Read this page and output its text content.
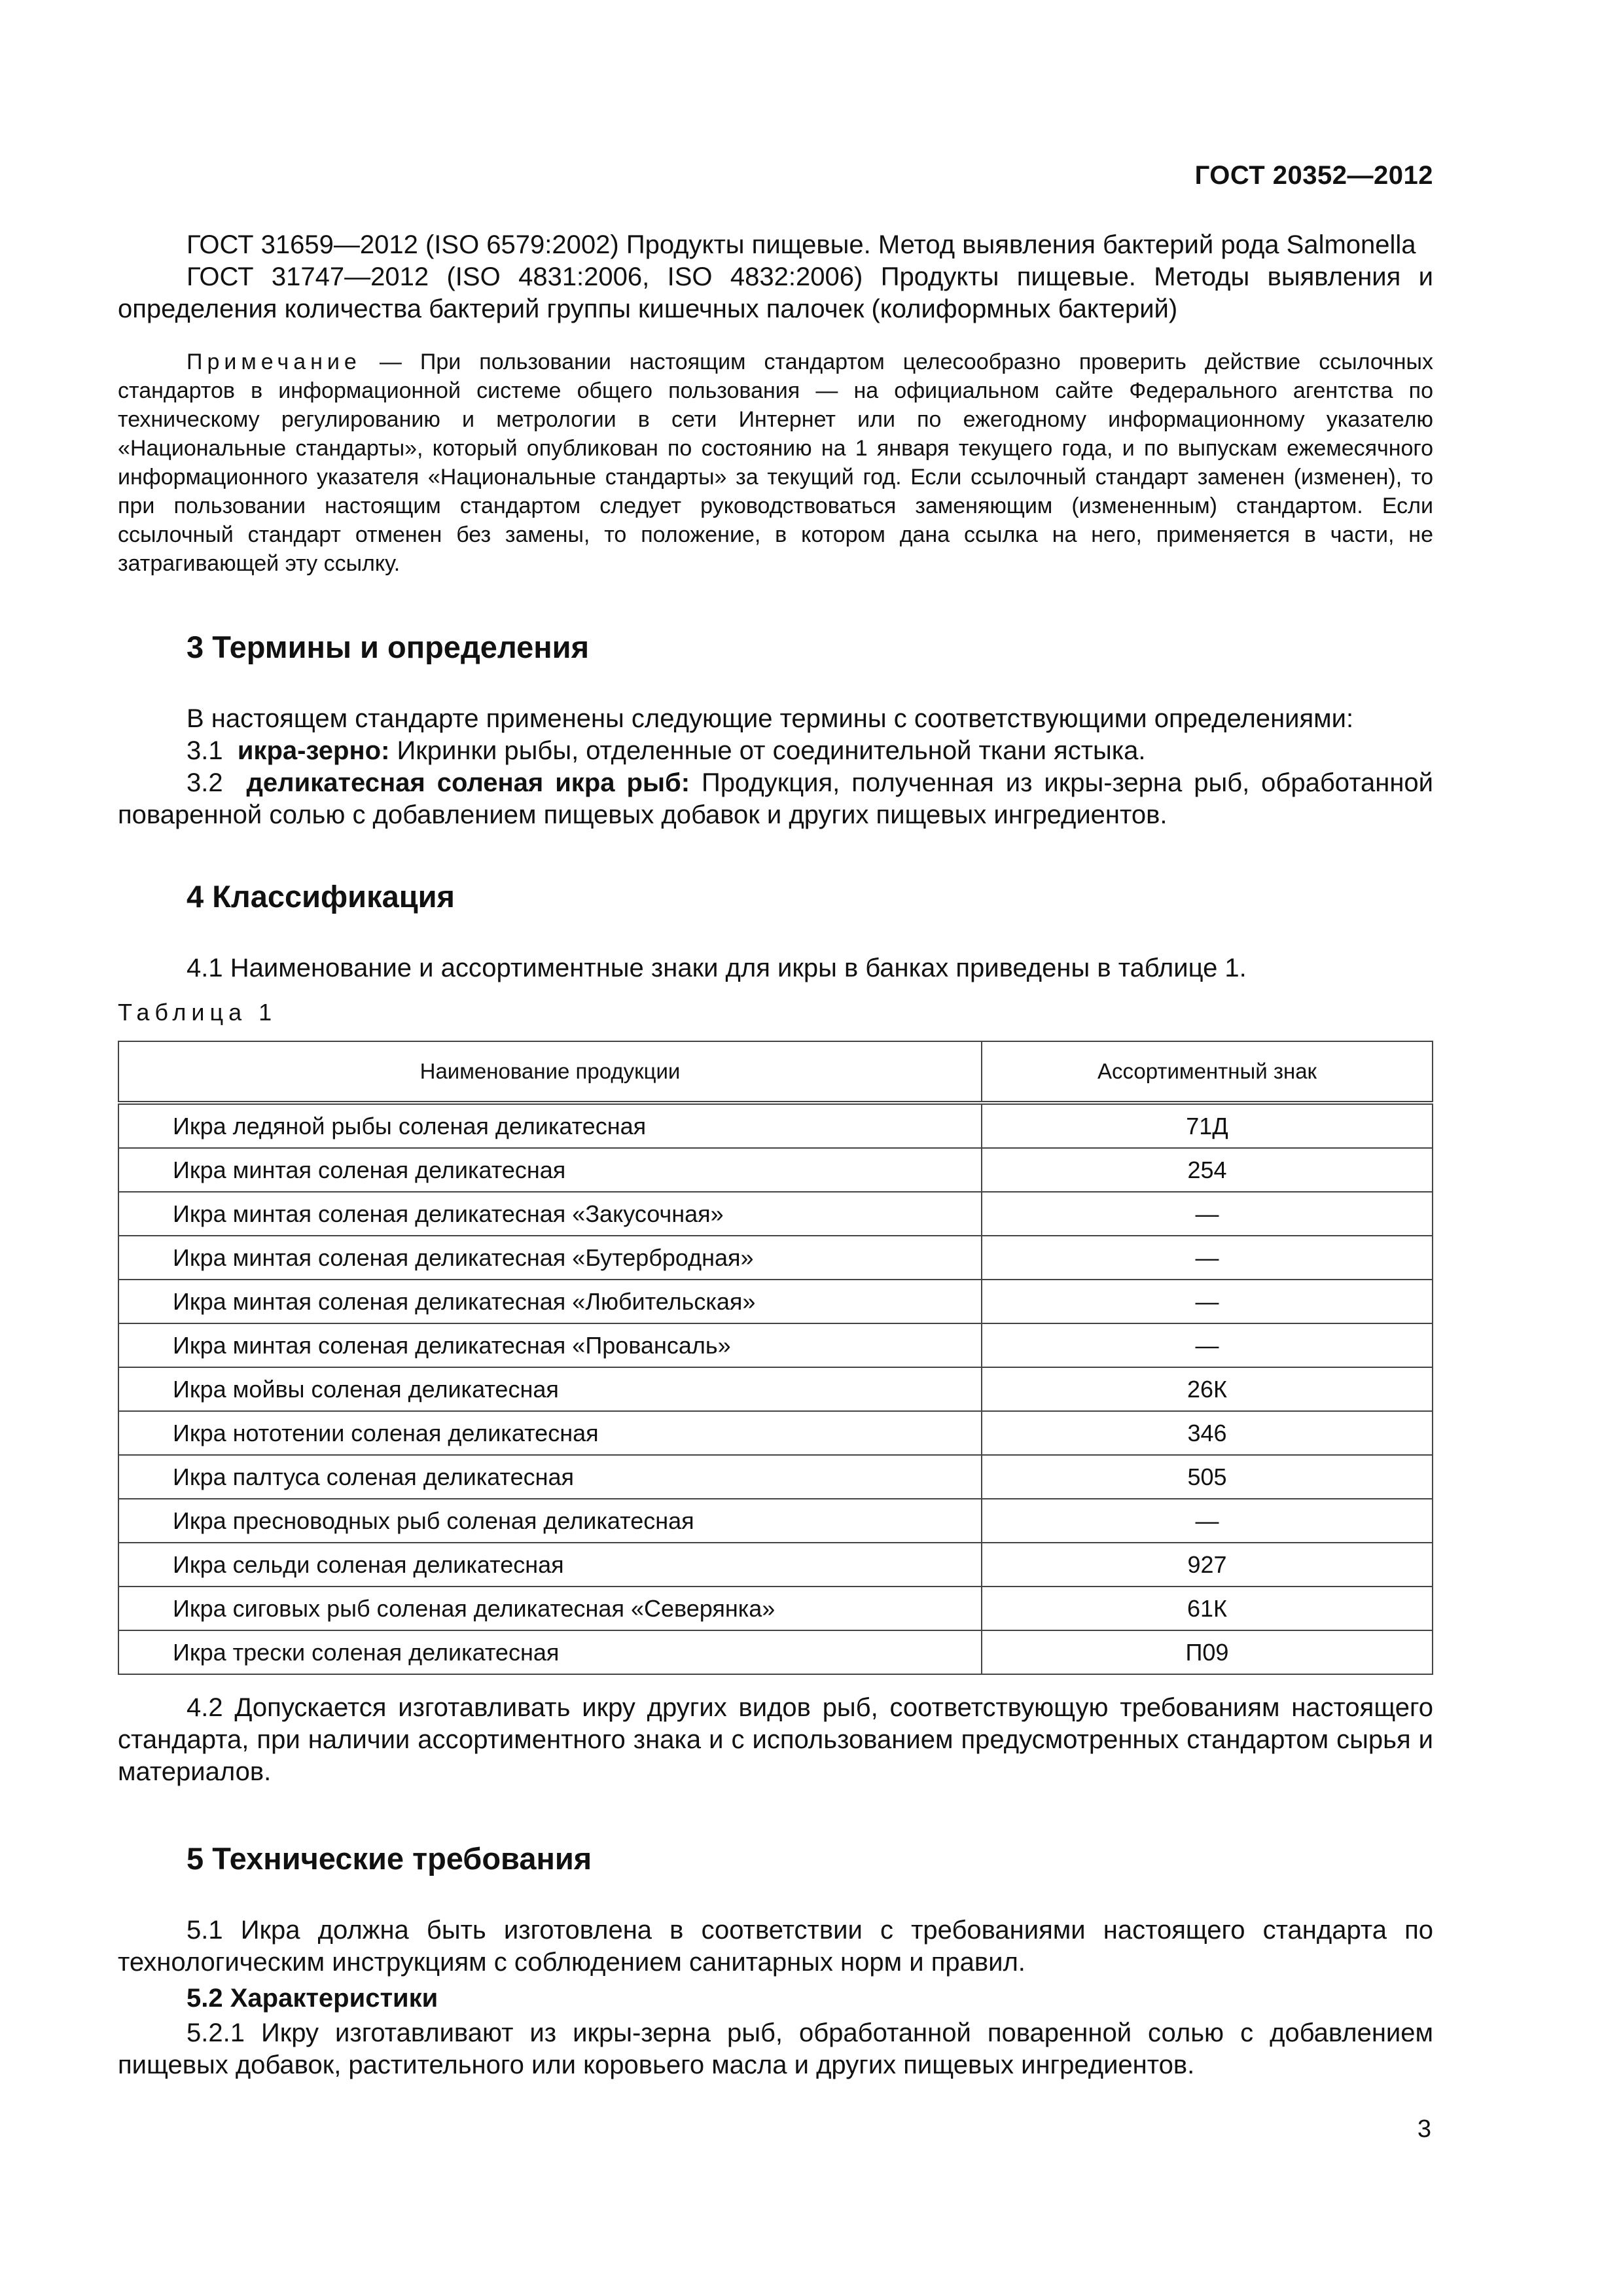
ГОСТ 20352—2012

ГОСТ 31659—2012 (ISO 6579:2002) Продукты пищевые. Метод выявления бактерий рода Salmonella

ГОСТ 31747—2012 (ISO 4831:2006, ISO 4832:2006) Продукты пищевые. Методы выявления и определения количества бактерий группы кишечных палочек (колиформных бактерий)

Примечание — При пользовании настоящим стандартом целесообразно проверить действие ссылочных стандартов в информационной системе общего пользования — на официальном сайте Федерального агентства по техническому регулированию и метрологии в сети Интернет или по ежегодному информационному указателю «Национальные стандарты», который опубликован по состоянию на 1 января текущего года, и по выпускам ежемесячного информационного указателя «Национальные стандарты» за текущий год. Если ссылочный стандарт заменен (изменен), то при пользовании настоящим стандартом следует руководствоваться заменяющим (измененным) стандартом. Если ссылочный стандарт отменен без замены, то положение, в котором дана ссылка на него, применяется в части, не затрагивающей эту ссылку.
3 Термины и определения

В настоящем стандарте применены следующие термины с соответствующими определениями:

3.1 икра-зерно: Икринки рыбы, отделенные от соединительной ткани ястыка.

3.2 деликатесная соленая икра рыб: Продукция, полученная из икры-зерна рыб, обработанной поваренной солью с добавлением пищевых добавок и других пищевых ингредиентов.

4 Классификация

4.1 Наименование и ассортиментные знаки для икры в банках приведены в таблице 1.

Таблица 1
Наименование продукции	Ассортиментный знак
Икра ледяной рыбы соленая деликатесная	71Д
Икра минтая соленая деликатесная	254
Икра минтая соленая деликатесная «Закусочная»	—
Икра минтая соленая деликатесная «Бутербродная»	—
Икра минтая соленая деликатесная «Любительская»	—
Икра минтая соленая деликатесная «Провансаль»	—
Икра мойвы соленая деликатесная	26К
Икра нототении соленая деликатесная	346
Икра палтуса соленая деликатесная	505
Икра пресноводных рыб соленая деликатесная	—
Икра сельди соленая деликатесная	927
Икра сиговых рыб соленая деликатесная «Северянка»	61К
Икра трески соленая деликатесная	П09

4.2 Допускается изготавливать икру других видов рыб, соответствующую требованиям настоящего стандарта, при наличии ассортиментного знака и с использованием предусмотренных стандартом сырья и материалов.

5 Технические требования

5.1 Икра должна быть изготовлена в соответствии с требованиями настоящего стандарта по технологическим инструкциям с соблюдением санитарных норм и правил.

5.2 Характеристики

5.2.1 Икру изготавливают из икры-зерна рыб, обработанной поваренной солью с добавлением пищевых добавок, растительного или коровьего масла и других пищевых ингредиентов.

3
